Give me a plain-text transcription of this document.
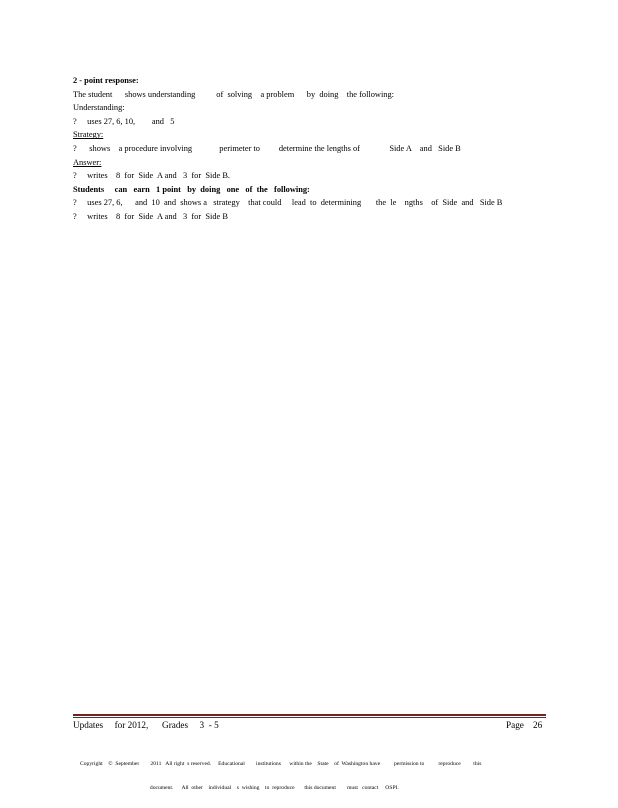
2 - point response:
The student      shows understanding          of  solving    a problem      by  doing    the following:
Understanding:
?     uses 27, 6, 10,        and   5
Strategy:
?      shows    a procedure involving             perimeter to         determine the lengths of              Side A    and   Side B
Answer:
?     writes    8  for  Side  A and   3  for  Side B.
Students     can   earn   1 point   by  doing   one   of  the   following:
?     uses 27, 6,      and  10  and  shows a   strategy    that could     lead  to  determining       the  le    ngths    of  Side  and   Side B
?     writes    8  for  Side  A and   3  for  Side B
Updates     for 2012,      Grades     3  - 5	Page    26

Copyright    ©  September        2011   All right  s reserved.     Educational        institutions      within the    State    of  Washington have          permission to          reproduce         this

document.      All  other    individual    s  wishing    to  reproduce       this document        must   contact     OSPI.
